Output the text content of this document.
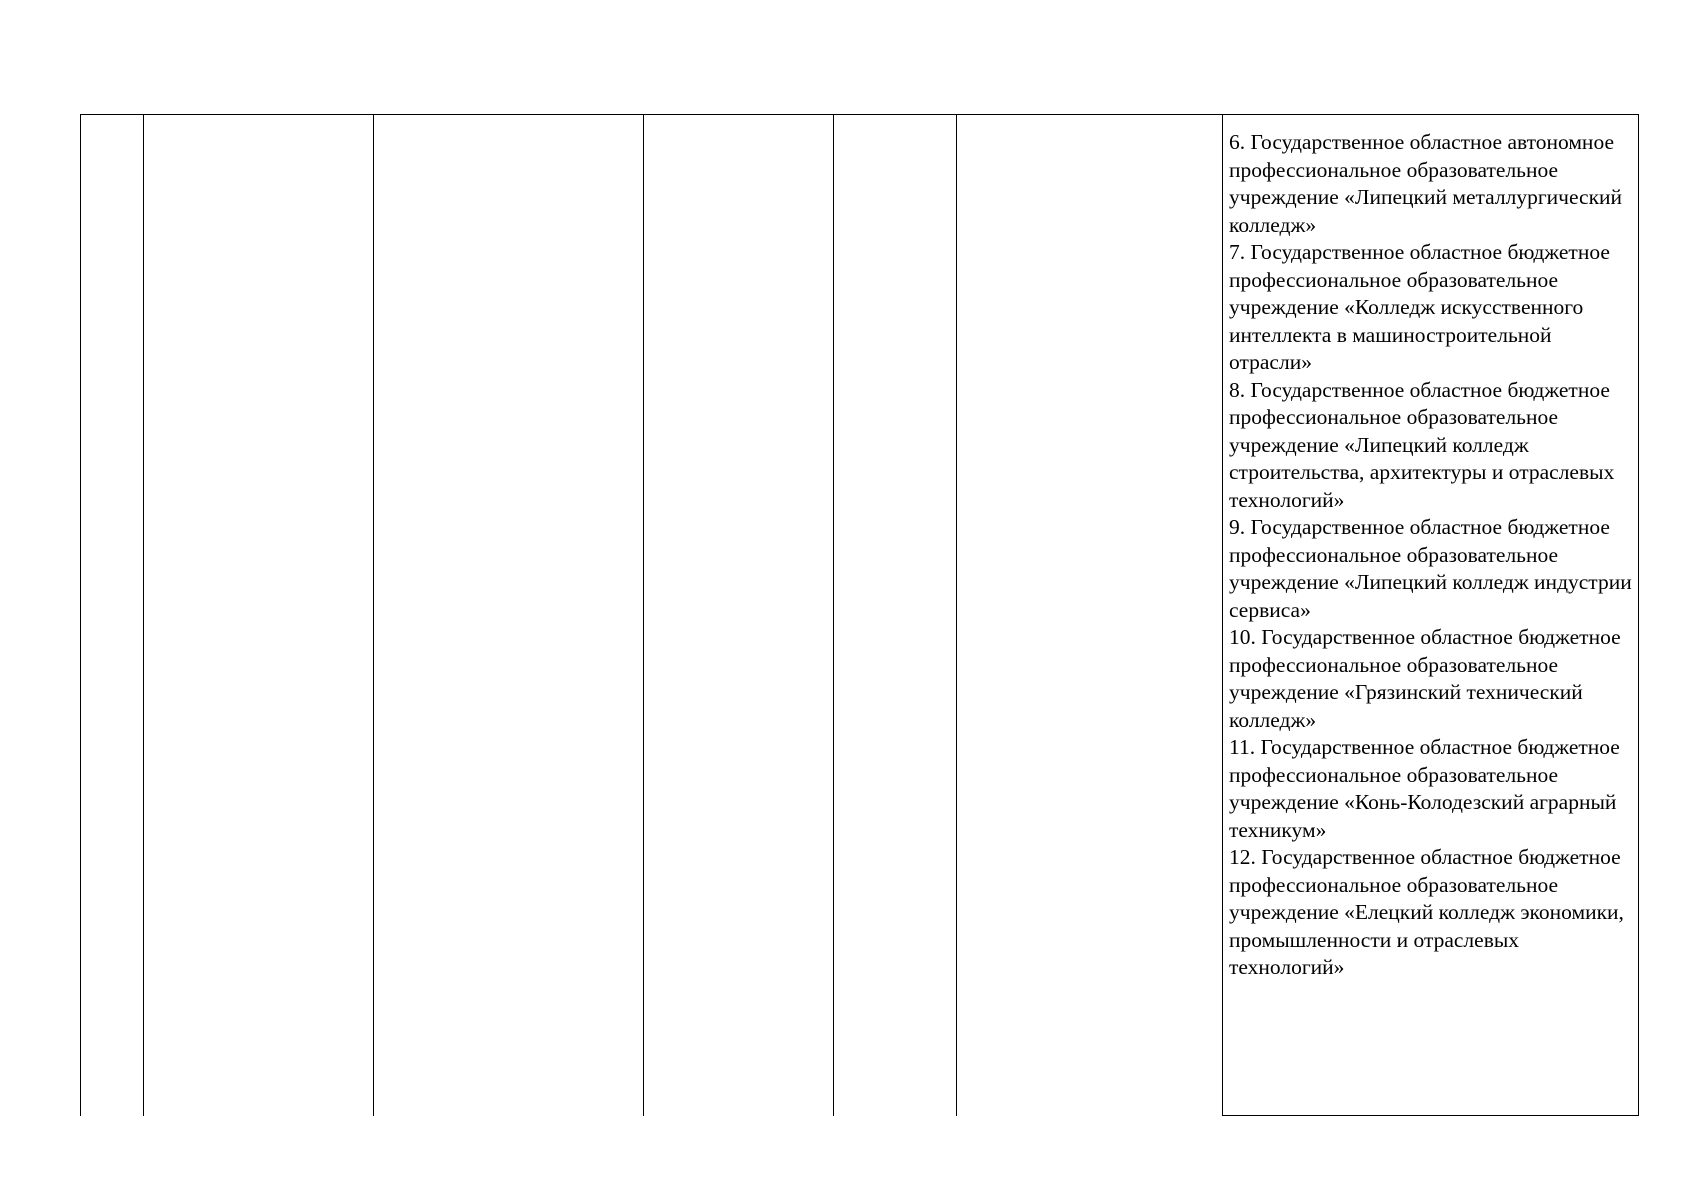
6. Государственное областное автономное профессиональное образовательное учреждение «Липецкий металлургический колледж»

7. Государственное областное бюджетное профессиональное образовательное учреждение «Колледж искусственного интеллекта в машиностроительной отрасли»

8. Государственное областное бюджетное профессиональное образовательное учреждение «Липецкий колледж строительства, архитектуры и отраслевых технологий»

9. Государственное областное бюджетное профессиональное образовательное учреждение «Липецкий колледж индустрии сервиса»

10. Государственное областное бюджетное профессиональное образовательное учреждение «Грязинский технический колледж»

11. Государственное областное бюджетное профессиональное образовательное учреждение «Конь-Колодезский аграрный техникум»

12. Государственное областное бюджетное профессиональное образовательное учреждение «Елецкий колледж экономики, промышленности и отраслевых технологий»
